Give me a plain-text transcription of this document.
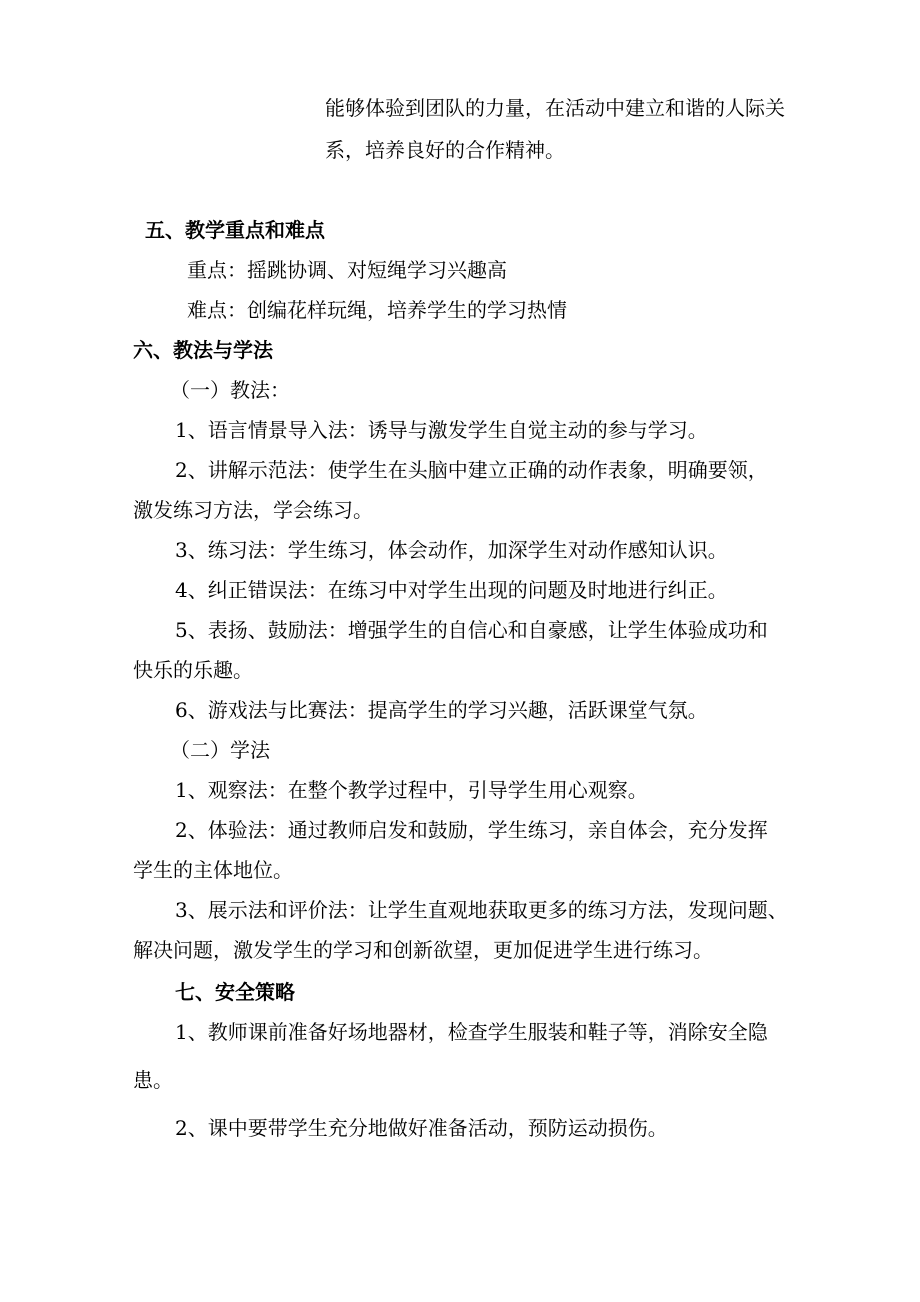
能够体验到团队的力量，在活动中建立和谐的人际关
系，培养良好的合作精神。
五、教学重点和难点
重点：摇跳协调、对短绳学习兴趣高
难点：创编花样玩绳，培养学生的学习热情
六、教法与学法
（一）教法：
1、语言情景导入法：诱导与激发学生自觉主动的参与学习。
2、讲解示范法：使学生在头脑中建立正确的动作表象，明确要领，
激发练习方法，学会练习。
3、练习法：学生练习，体会动作，加深学生对动作感知认识。
4、纠正错误法：在练习中对学生出现的问题及时地进行纠正。
5、表扬、鼓励法：增强学生的自信心和自豪感，让学生体验成功和
快乐的乐趣。
6、游戏法与比赛法：提高学生的学习兴趣，活跃课堂气氛。
（二）学法
1、观察法：在整个教学过程中，引导学生用心观察。
2、体验法：通过教师启发和鼓励，学生练习，亲自体会，充分发挥
学生的主体地位。
3、展示法和评价法：让学生直观地获取更多的练习方法，发现问题、
解决问题，激发学生的学习和创新欲望，更加促进学生进行练习。
七、安全策略
1、教师课前准备好场地器材，检查学生服装和鞋子等，消除安全隐
患。
2、课中要带学生充分地做好准备活动，预防运动损伤。
